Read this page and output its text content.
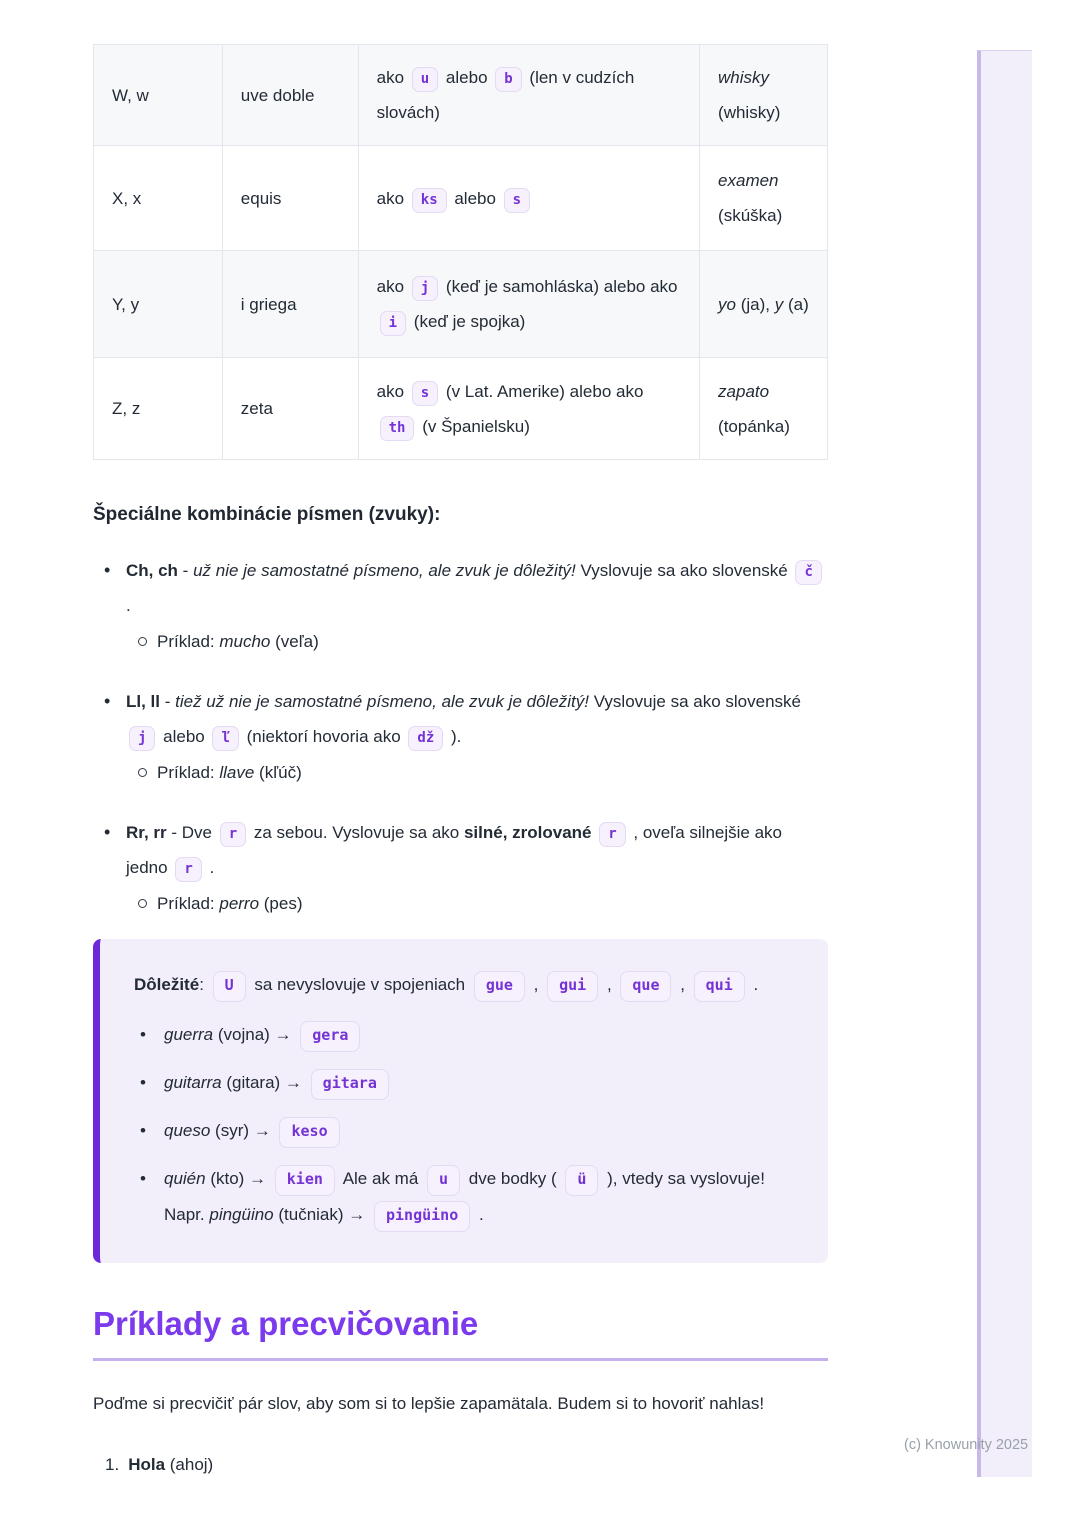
W, w	uve doble	ako u alebo b (len v cudzích slovách)	whisky (whisky)
X, x	equis	ako ks alebo s	examen (skúška)
Y, y	i griega	ako j (keď je samohláska) alebo ako i (keď je spojka)	yo (ja), y (a)
Z, z	zeta	ako s (v Lat. Amerike) alebo ako th (v Španielsku)	zapato (topánka)
Špeciálne kombinácie písmen (zvuky):
• Ch, ch - už nie je samostatné písmeno, ale zvuk je dôležitý! Vyslovuje sa ako slovenské č .
Príklad: mucho (veľa)
• Ll, ll - tiež už nie je samostatné písmeno, ale zvuk je dôležitý! Vyslovuje sa ako slovenské j alebo ľ (niektorí hovoria ako dž ).
Príklad: llave (kľúč)
• Rr, rr - Dve r za sebou. Vyslovuje sa ako silné, zrolované r , oveľa silnejšie ako jedno r .
Príklad: perro (pes)
Dôležité: U sa nevyslovuje v spojeniach gue , gui , que , qui .
• guerra (vojna) → gera
• guitarra (gitara) → gitara
• queso (syr) → keso
• quién (kto) → kien Ale ak má u dve bodky ( ü ), vtedy sa vyslovuje! Napr. pingüino (tučniak) → pingüino .
Príklady a precvičovanie

Poďme si precvičiť pár slov, aby som si to lepšie zapamätala. Budem si to hovoriť nahlas!

1. Hola (ahoj)
(c) Knowunity 2025
